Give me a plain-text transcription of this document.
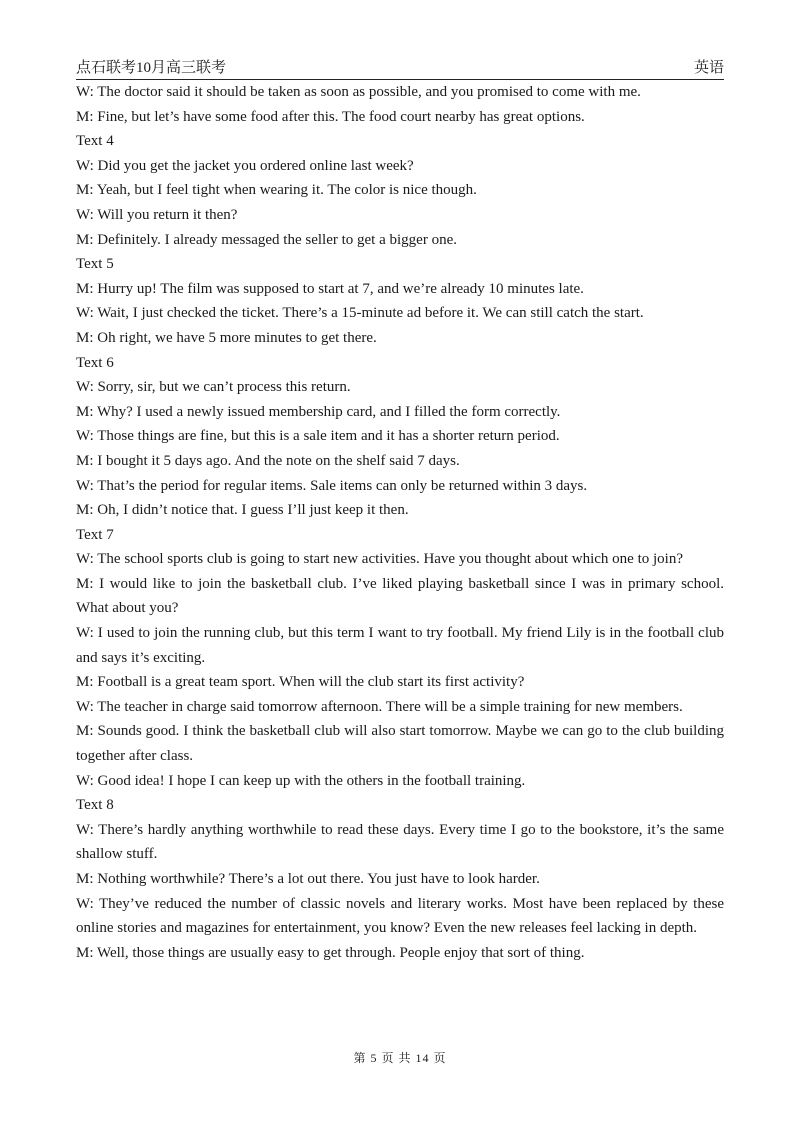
点石联考10月高三联考	英语

W: The doctor said it should be taken as soon as possible, and you promised to come with me.

M: Fine, but let’s have some food after this. The food court nearby has great options.

Text 4

W: Did you get the jacket you ordered online last week?

M: Yeah, but I feel tight when wearing it. The color is nice though.

W: Will you return it then?

M: Definitely. I already messaged the seller to get a bigger one.

Text 5

M: Hurry up! The film was supposed to start at 7, and we’re already 10 minutes late.

W: Wait, I just checked the ticket. There’s a 15-minute ad before it. We can still catch the start.

M: Oh right, we have 5 more minutes to get there.

Text 6

W: Sorry, sir, but we can’t process this return.

M: Why? I used a newly issued membership card, and I filled the form correctly.

W: Those things are fine, but this is a sale item and it has a shorter return period.

M: I bought it 5 days ago. And the note on the shelf said 7 days.

W: That’s the period for regular items. Sale items can only be returned within 3 days.

M: Oh, I didn’t notice that. I guess I’ll just keep it then.

Text 7

W: The school sports club is going to start new activities. Have you thought about which one to join?

M: I would like to join the basketball club. I’ve liked playing basketball since I was in primary school. What about you?

W: I used to join the running club, but this term I want to try football. My friend Lily is in the football club and says it’s exciting.

M: Football is a great team sport. When will the club start its first activity?

W: The teacher in charge said tomorrow afternoon. There will be a simple training for new members.

M: Sounds good. I think the basketball club will also start tomorrow. Maybe we can go to the club building together after class.

W: Good idea! I hope I can keep up with the others in the football training.

Text 8

W: There’s hardly anything worthwhile to read these days. Every time I go to the bookstore, it’s the same shallow stuff.

M: Nothing worthwhile? There’s a lot out there. You just have to look harder.

W: They’ve reduced the number of classic novels and literary works. Most have been replaced by these online stories and magazines for entertainment, you know? Even the new releases feel lacking in depth.

M: Well, those things are usually easy to get through. People enjoy that sort of thing.

第 5 页 共 14 页
